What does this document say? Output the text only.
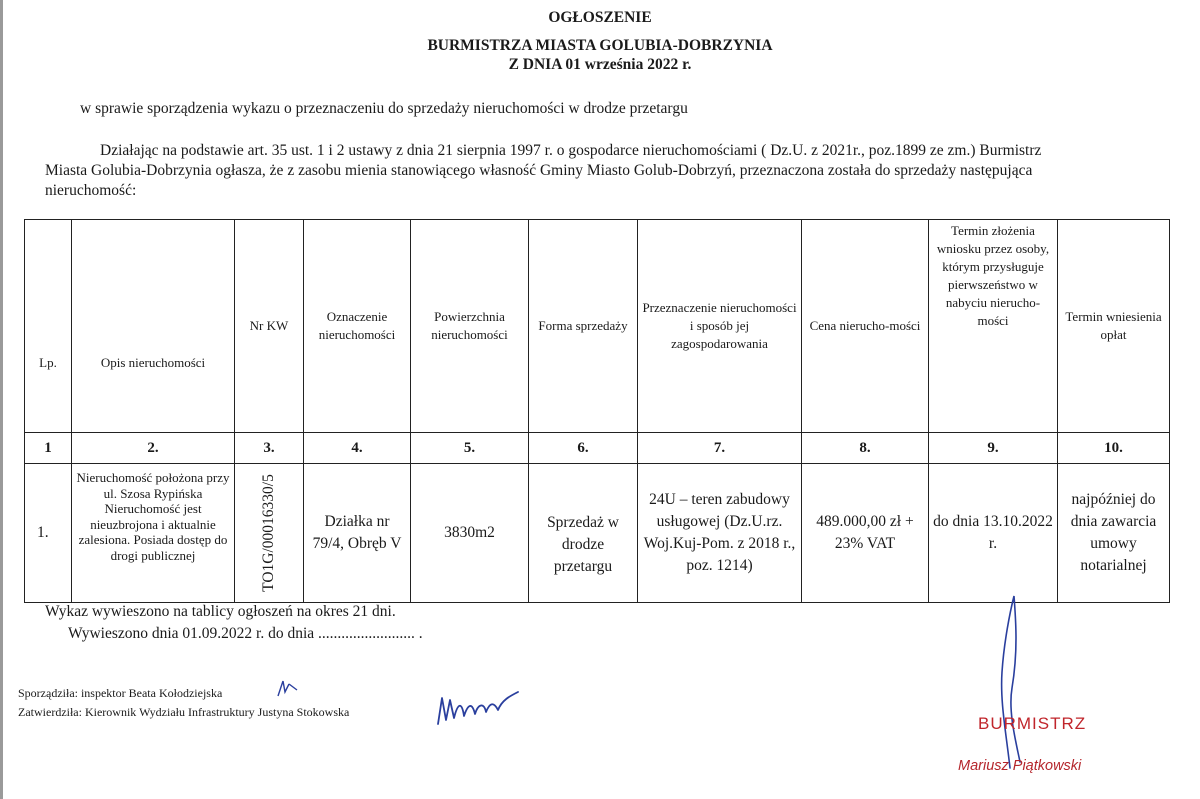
OGŁOSZENIE
BURMISTRZA MIASTA GOLUBIA-DOBRZYNIA
Z DNIA 01 września 2022 r.
w sprawie sporządzenia wykazu o przeznaczeniu do sprzedaży nieruchomości w drodze przetargu
Działając na podstawie art. 35 ust. 1 i 2 ustawy z dnia 21 sierpnia 1997 r. o gospodarce nieruchomościami ( Dz.U. z 2021r., poz.1899 ze zm.) Burmistrz
Miasta Golubia-Dobrzynia ogłasza, że z zasobu mienia stanowiącego własność Gminy Miasto Golub-Dobrzyń, przeznaczona została do sprzedaży następująca
nieruchomość:
Lp.	Opis nieruchomości	Nr KW	Oznaczenie nieruchomości	Powierzchnia nieruchomości	Forma sprzedaży	Przeznaczenie nieruchomości i sposób jej zagospodarowania	Cena nierucho-mości	Termin złożenia wniosku przez osoby, którym przysługuje pierwszeństwo w nabyciu nierucho-mości	Termin wniesienia opłat
1	2.	3.	4.	5.	6.	7.	8.	9.	10.
1.	Nieruchomość położona przy ul. Szosa Rypińska Nieruchomość jest nieuzbrojona i aktualnie zalesiona. Posiada dostęp do drogi publicznej	TO1G/00016330/5	Działka nr 79/4, Obręb V	3830m2	Sprzedaż w drodze przetargu	24U – teren zabudowy usługowej (Dz.U.rz. Woj.Kuj-Pom. z 2018 r., poz. 1214)	489.000,00 zł + 23% VAT	do dnia 13.10.2022 r.	najpóźniej do dnia zawarcia umowy notarialnej
Wykaz wywieszono na tablicy ogłoszeń na okres 21 dni.
Wywieszono dnia 01.09.2022 r. do dnia ......................... .
Sporządziła: inspektor Beata Kołodziejska
Zatwierdziła: Kierownik Wydziału Infrastruktury Justyna Stokowska
BURMISTRZ
Mariusz Piątkowski
